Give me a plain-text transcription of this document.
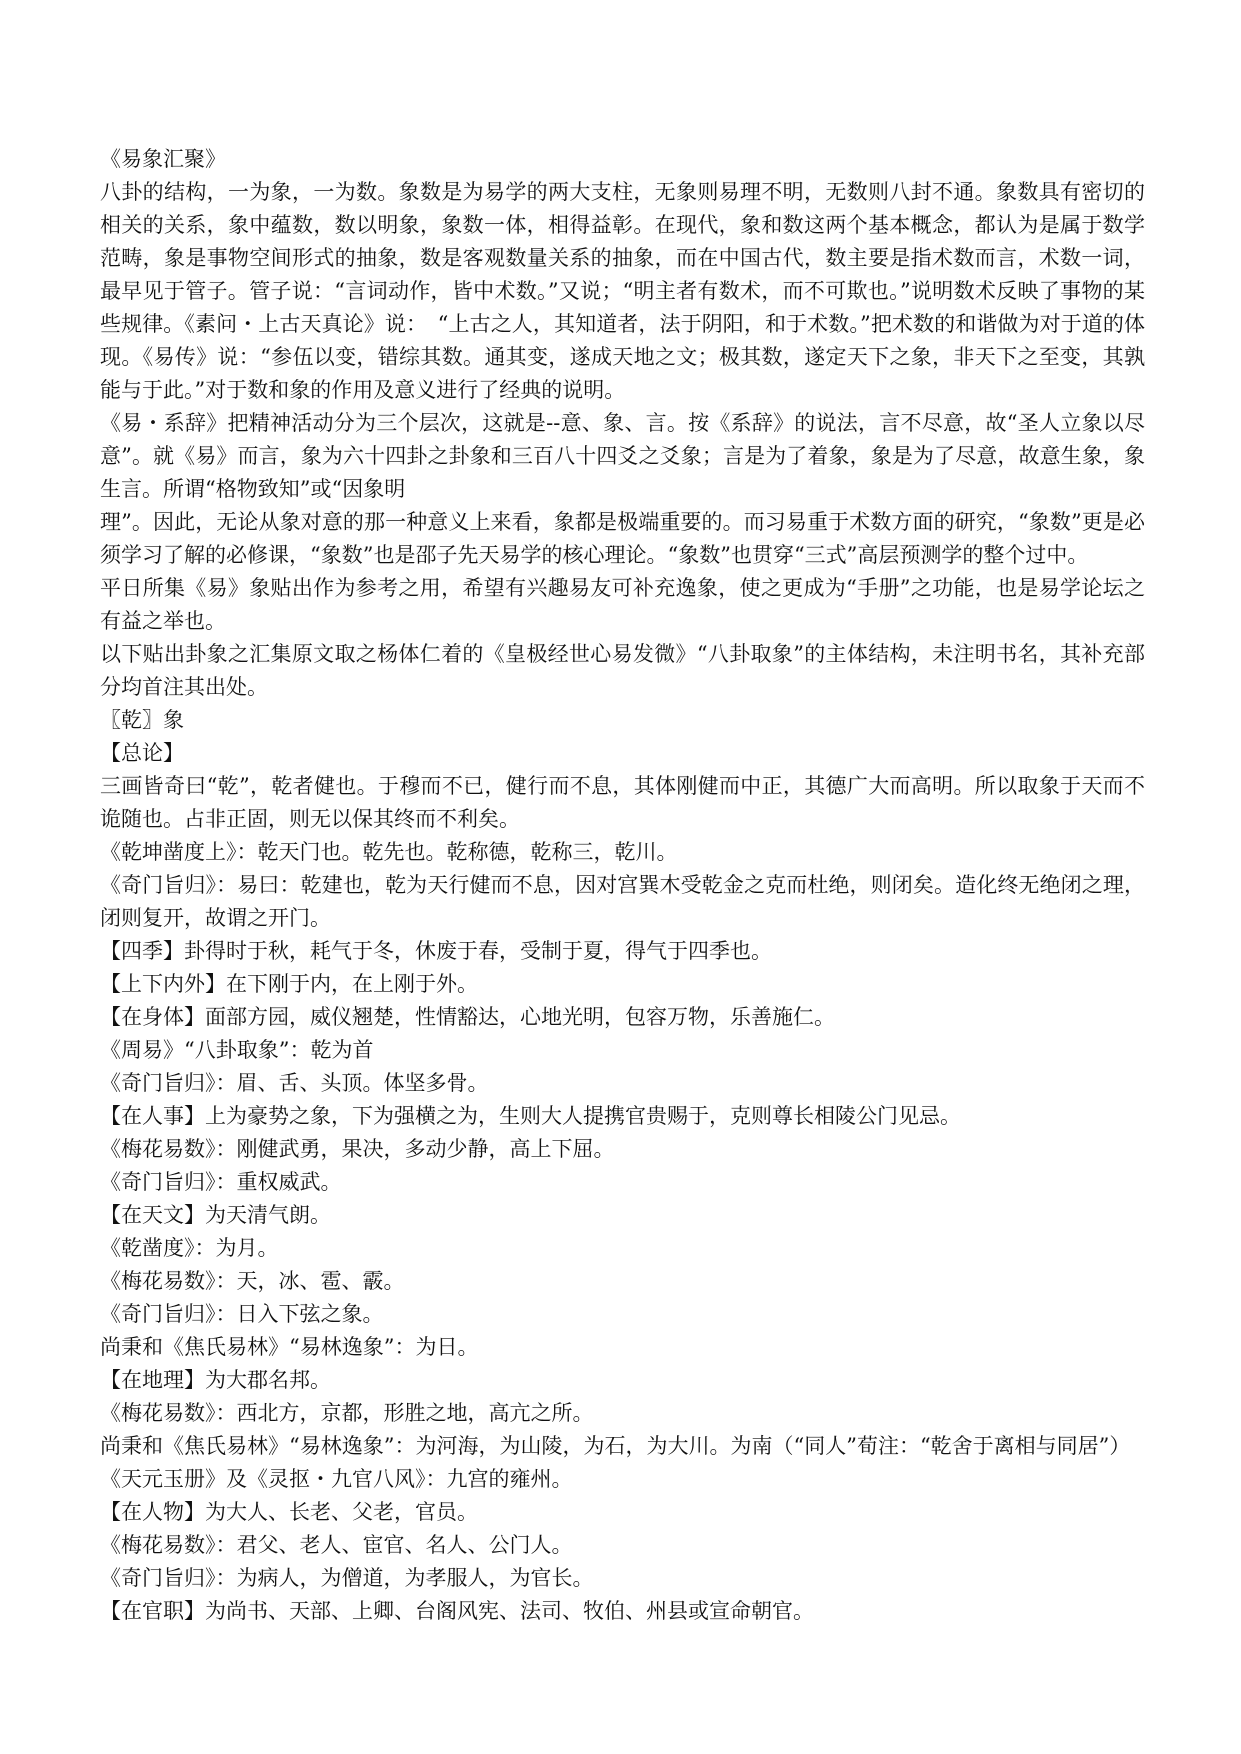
《易象汇聚》

八卦的结构，一为象，一为数。象数是为易学的两大支柱，无象则易理不明，无数则八封不通。象数具有密切的相关的关系，象中蕴数，数以明象，象数一体，相得益彰。在现代，象和数这两个基本概念，都认为是属于数学范畴，象是事物空间形式的抽象，数是客观数量关系的抽象，而在中国古代，数主要是指术数而言，术数一词，最早见于管子。管子说：“言词动作，皆中术数。”又说；“明主者有数术，而不可欺也。”说明数术反映了事物的某些规律。《素问・上古天真论》说：　“上古之人，其知道者，法于阴阳，和于术数。”把术数的和谐做为对于道的体现。《易传》说：“参伍以变，错综其数。通其变，遂成天地之文；极其数，遂定天下之象，非天下之至变，其孰能与于此。”对于数和象的作用及意义进行了经典的说明。

《易・系辞》把精神活动分为三个层次，这就是--意、象、言。按《系辞》的说法，言不尽意，故“圣人立象以尽意”。就《易》而言，象为六十四卦之卦象和三百八十四爻之爻象；言是为了着象，象是为了尽意，故意生象，象生言。所谓“格物致知”或“因象明

理”。因此，无论从象对意的那一种意义上来看，象都是极端重要的。而习易重于术数方面的研究，“象数”更是必须学习了解的必修课，“象数”也是邵子先天易学的核心理论。“象数”也贯穿“三式”高层预测学的整个过中。

平日所集《易》象贴出作为参考之用，希望有兴趣易友可补充逸象，使之更成为“手册”之功能，也是易学论坛之有益之举也。

以下贴出卦象之汇集原文取之杨体仁着的《皇极经世心易发微》“八卦取象”的主体结构，未注明书名，其补充部分均首注其出处。

〖乾〗象

【总论】

三画皆奇曰“乾”，乾者健也。于穆而不已，健行而不息，其体刚健而中正，其德广大而高明。所以取象于天而不诡随也。占非正固，则无以保其终而不利矣。

《乾坤凿度上》：乾天门也。乾先也。乾称德，乾称三，乾川。

《奇门旨归》：易曰：乾建也，乾为天行健而不息，因对宫巽木受乾金之克而杜绝，则闭矣。造化终无绝闭之理，闭则复开，故谓之开门。

【四季】卦得时于秋，耗气于冬，休废于春，受制于夏，得气于四季也。

【上下内外】在下刚于内，在上刚于外。

【在身体】面部方园，威仪翘楚，性情豁达，心地光明，包容万物，乐善施仁。

《周易》“八卦取象”：乾为首

《奇门旨归》：眉、舌、头顶。体坚多骨。

【在人事】上为豪势之象，下为强横之为，生则大人提携官贵赐于，克则尊长相陵公门见忌。

《梅花易数》：刚健武勇，果决，多动少静，高上下屈。

《奇门旨归》：重权威武。

【在天文】为天清气朗。

《乾凿度》：为月。

《梅花易数》：天，冰、雹、霰。

《奇门旨归》：日入下弦之象。

尚秉和《焦氏易林》“易林逸象”：为日。

【在地理】为大郡名邦。

《梅花易数》：西北方，京都，形胜之地，高亢之所。

尚秉和《焦氏易林》“易林逸象”：为河海，为山陵，为石，为大川。为南（“同人”荀注：“乾舍于离相与同居”）

《天元玉册》及《灵抠・九官八风》：九宫的雍州。

【在人物】为大人、长老、父老，官员。

《梅花易数》：君父、老人、宦官、名人、公门人。

《奇门旨归》：为病人，为僧道，为孝服人，为官长。

【在官职】为尚书、天部、上卿、台阁风宪、法司、牧伯、州县或宣命朝官。
